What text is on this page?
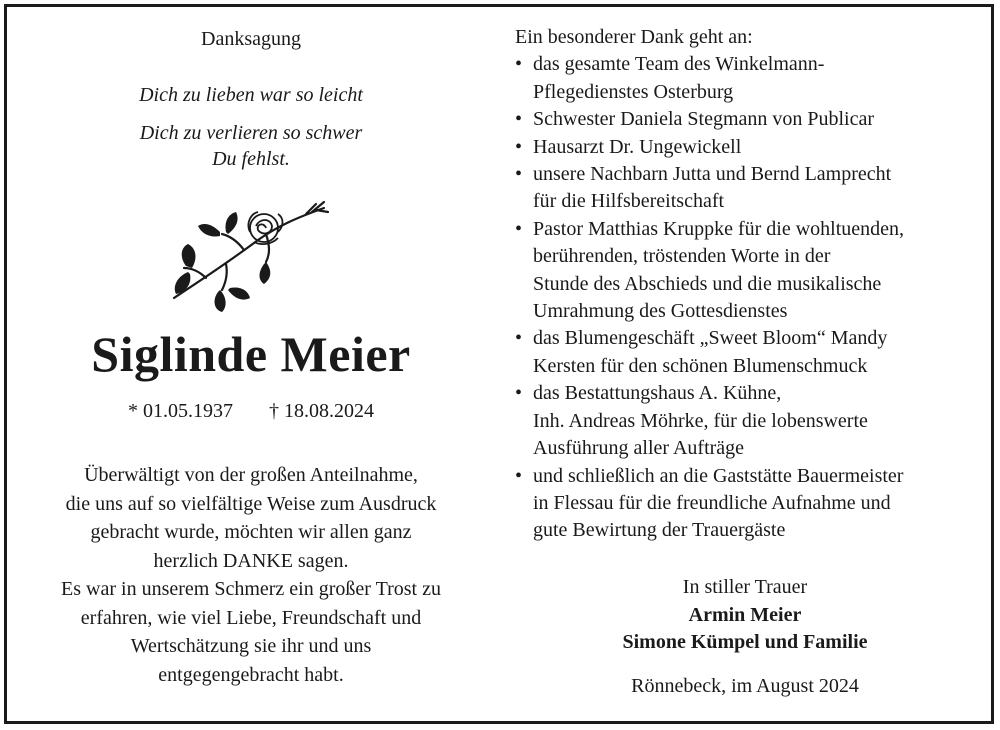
Danksagung
Dich zu lieben war so leicht
Dich zu verlieren so schwer
Du fehlst.
Siglinde Meier
* 01.05.1937 † 18.08.2024
Überwältigt von der großen Anteilnahme,
die uns auf so vielfältige Weise zum Ausdruck
gebracht wurde, möchten wir allen ganz
herzlich DANKE sagen.
Es war in unserem Schmerz ein großer Trost zu
erfahren, wie viel Liebe, Freundschaft und
Wertschätzung sie ihr und uns
entgegengebracht habt.
Ein besonderer Dank geht an:
• das gesamte Team des Winkelmann-
Pflegedienstes Osterburg
• Schwester Daniela Stegmann von Publicar
• Hausarzt Dr. Ungewickell
• unsere Nachbarn Jutta und Bernd Lamprecht
für die Hilfsbereitschaft
• Pastor Matthias Kruppke für die wohltuenden,
berührenden, tröstenden Worte in der
Stunde des Abschieds und die musikalische
Umrahmung des Gottesdienstes
• das Blumengeschäft „Sweet Bloom“ Mandy
Kersten für den schönen Blumenschmuck
• das Bestattungshaus A. Kühne,
Inh. Andreas Möhrke, für die lobenswerte
Ausführung aller Aufträge
• und schließlich an die Gaststätte Bauermeister
in Flessau für die freundliche Aufnahme und
gute Bewirtung der Trauergäste
In stiller Trauer
Armin Meier
Simone Kümpel und Familie
Rönnebeck, im August 2024
